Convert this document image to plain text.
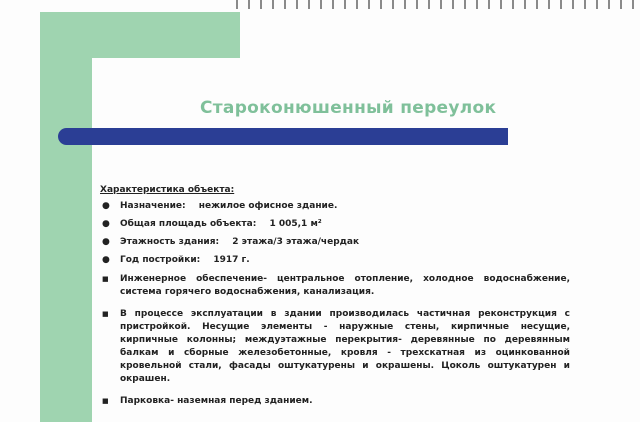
Староконюшенный переулок
Характеристика объекта:
● Назначение: нежилое офисное здание.
● Общая площадь объекта: 1 005,1 м²
● Этажность здания: 2 этажа/3 этажа/чердак
● Год постройки: 1917 г.
■ Инженерное обеспечение- центральное отопление, холодное водоснабжение, система горячего водоснабжения, канализация.
■ В процессе эксплуатации в здании производилась частичная реконструкция с пристройкой. Несущие элементы - наружные стены, кирпичные несущие, кирпичные колонны; междуэтажные перекрытия- деревянные по деревянным балкам и сборные железобетонные, кровля - трехскатная из оцинкованной кровельной стали, фасады оштукатурены и окрашены. Цоколь оштукатурен и окрашен.
■ Парковка- наземная перед зданием.
